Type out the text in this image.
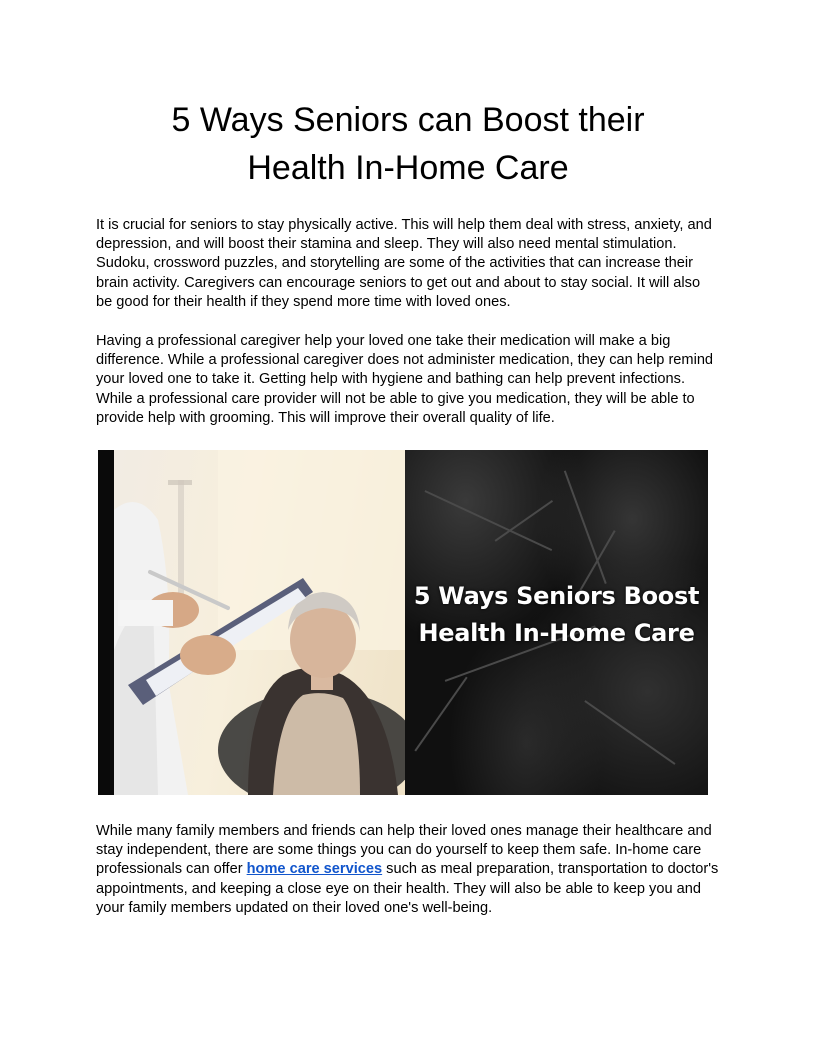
5 Ways Seniors can Boost their
Health In-Home Care

It is crucial for seniors to stay physically active. This will help them deal with stress, anxiety, and depression, and will boost their stamina and sleep. They will also need mental stimulation. Sudoku, crossword puzzles, and storytelling are some of the activities that can increase their brain activity. Caregivers can encourage seniors to get out and about to stay social. It will also be good for their health if they spend more time with loved ones.

Having a professional caregiver help your loved one take their medication will make a big difference. While a professional caregiver does not administer medication, they can help remind your loved one to take it. Getting help with hygiene and bathing can help prevent infections. While a professional care provider will not be able to give you medication, they will be able to provide help with grooming. This will improve their overall quality of life.

5 Ways Seniors Boost
Health In-Home Care

While many family members and friends can help their loved ones manage their healthcare and stay independent, there are some things you can do yourself to keep them safe. In-home care professionals can offer home care services such as meal preparation, transportation to doctor's appointments, and keeping a close eye on their health. They will also be able to keep you and your family members updated on their loved one's well-being.
